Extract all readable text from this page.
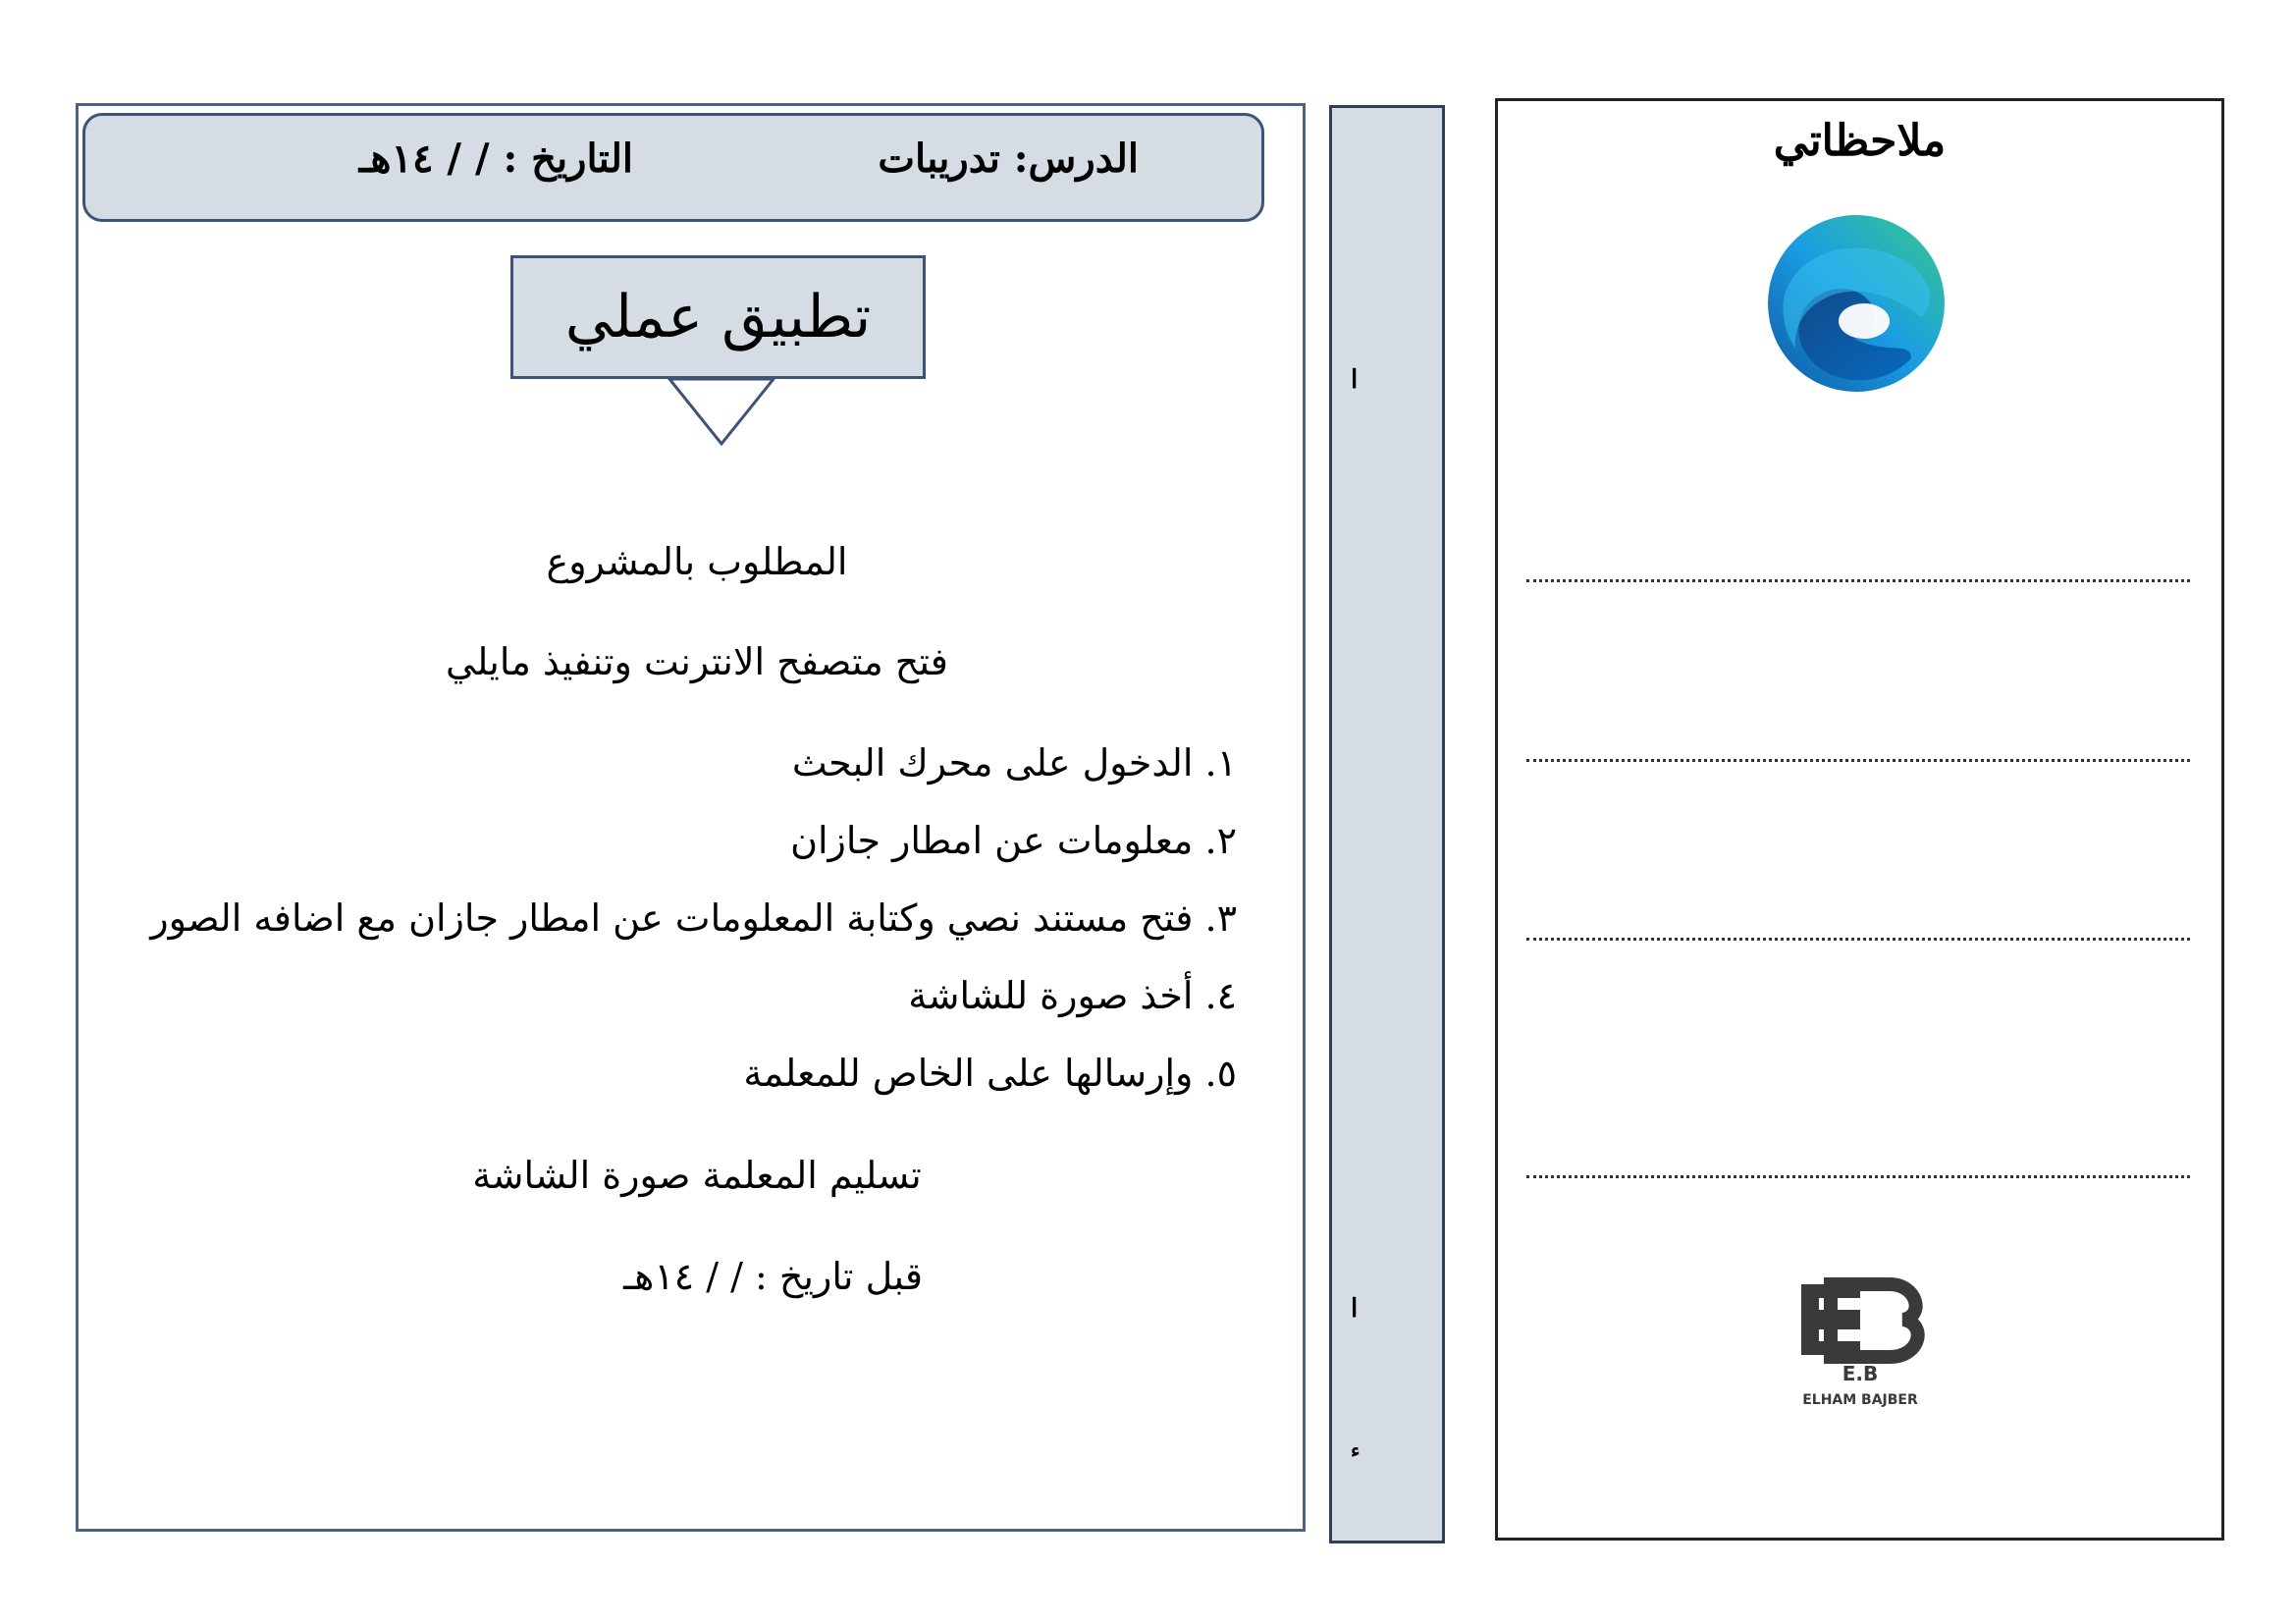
الدرس: تدريبات
التاريخ : / / ١٤هـ
تطبيق عملي
المطلوب بالمشروع
فتح متصفح الانترنت وتنفيذ مايلي
١. الدخول على محرك البحث
٢. معلومات عن امطار جازان
٣. فتح مستند نصي وكتابة المعلومات عن امطار جازان مع اضافه الصور
٤. أخذ صورة للشاشة
٥. وإرسالها على الخاص للمعلمة
تسليم المعلمة صورة الشاشة
قبل تاريخ : / / ١٤هـ
ا
ا
ء
ملاحظاتي
E.B
ELHAM BAJBER
